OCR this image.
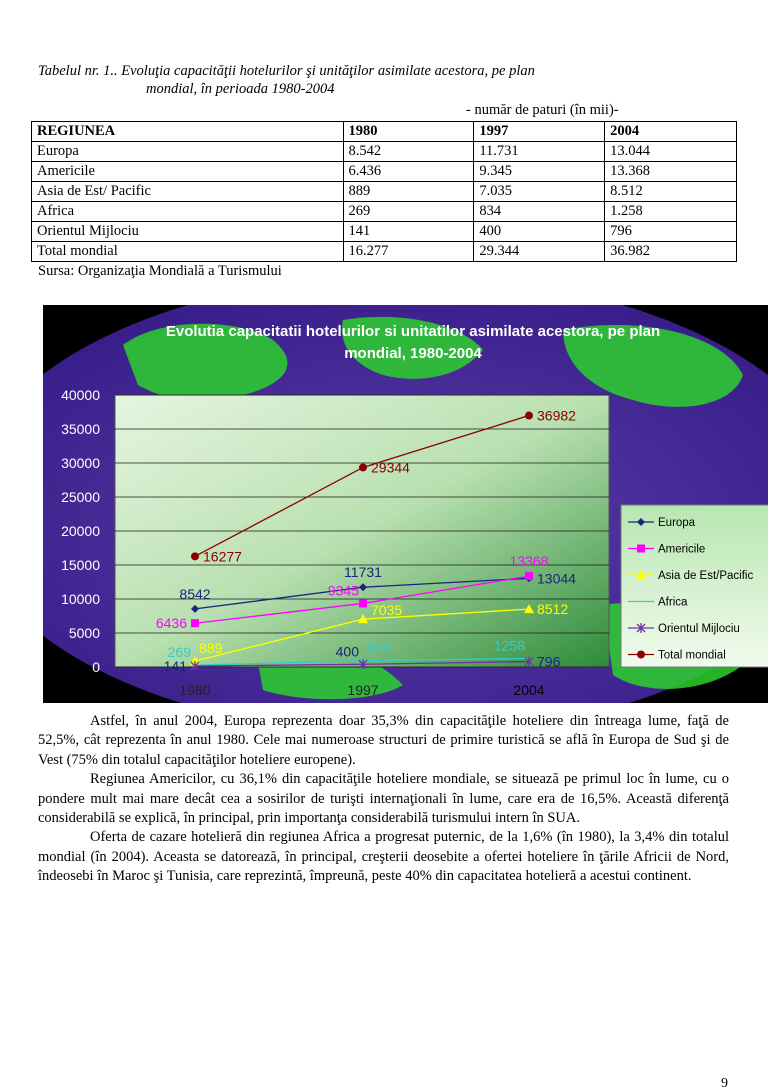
Tabelul nr. 1.. Evoluţia capacităţii hotelurilor şi unităţilor asimilate acestora, pe plan
mondial, în perioada 1980-2004
- număr de paturi (în mii)-
REGIUNEA	1980	1997	2004
Europa	8.542	11.731	13.044
Americile	6.436	9.345	13.368
Asia de Est/ Pacific	889	7.035	8.512
Africa	269	834	1.258
Orientul Mijlociu	141	400	796
Total mondial	16.277	29.344	36.982
Sursa: Organizaţia Mondială a Turismului
0
5000
10000
15000
20000
25000
30000
35000
40000
1980	1997	2004
8542
11731	13044
6436
9345
13368
889
7035	8512
269	934	1258
141
400
796
16277
29344
36982
Evolutia capacitatii hotelurilor si unitatilor asimilate acestora, pe plan
mondial, 1980-2004
Europa
Americile
Asia de Est/Pacific
Africa
Orientul Mijlociu
Total mondial

Astfel, în anul 2004, Europa reprezenta doar 35,3% din capacităţile hoteliere din întreaga lume, faţă de 52,5%, cât reprezenta în anul 1980. Cele mai numeroase structuri de primire turistică se află în Europa de Sud şi de Vest (75% din totalul capacităţilor hoteliere europene).

Regiunea Americilor, cu 36,1% din capacităţile hoteliere mondiale, se situează pe primul loc în lume, cu o pondere mult mai mare decât cea a sosirilor de turişti internaţionali în lume, care era de 16,5%. Această diferenţă considerabilă se explică, în principal, prin importanţa considerabilă turismului intern în SUA.

Oferta de cazare hotelieră din regiunea Africa a progresat puternic, de la 1,6% (în 1980), la 3,4% din totalul mondial (în 2004). Aceasta se datorează, în principal, creşterii deosebite a ofertei hoteliere în ţările Africii de Nord, îndeosebi în Maroc şi Tunisia, care reprezintă, împreună, peste 40% din capacitatea hotelieră a acestui continent.

9
